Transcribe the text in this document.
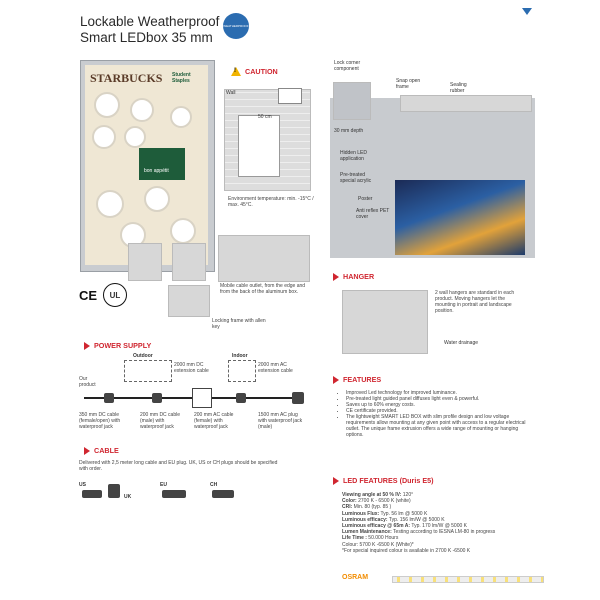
Lockable Weatherproof
Smart LEDbox 35 mm
WEATHERPROOF
STARBUCKS Student
Staples
bon appétit
! CAUTION
Wall
50 cm
Environment temperature: min. -15°C / max. 45°C.
Mobile cable outlet, from the edge and from the back of the aluminum box.
Locking frame with allen key
CE UL
POWER SUPPLY
Outdoor	Indoor
2000 mm DC extension cable
2000 mm AC extension cable
Our product
350 mm DC cable (female/open) with waterproof jack
200 mm DC cable (male) with waterproof jack
200 mm AC cable (female) with waterproof jack
1500 mm AC plug with waterproof jack (male)
CABLE
Delivered with 2,5 meter long cable and EU plug. UK, US or CH plugs should be specified with order.
US
UK
EU	CH
Lock corner component
Snap open frame	Sealing rubber
30 mm depth
Hidden LED application
Pre-treated special acrylic
Poster
Anti reflex PET cover
HANGER
2 wall hangers are standard in each product. Moving hangers let the mounting in portrait and landscape position.
Water drainage
FEATURES
• Improved Led technology for improved luminance.
• Pre-treated light guided panel diffuses light even & powerful.
• Saves up to 60% energy costs.
• CE certificate provided.
• The lightweight SMART LED BOX with slim profile design and low voltage requirements allow mounting at any given point with access to a regular electrical outlet. The unique frame extrusion offers a wide range of mounting or hanging options.
LED FEATURES (Duris E5)
Viewing angle at 50 % IV: 120°
Color: 2700 K - 6500 K (white)
CRI: Min. 80 (typ. 85 )
Luminous Flux: Typ. 56 lm @ 5000 K
Luminous efficacy: Typ. 156 lm/W @ 5000 K
Luminous efficacy @ 65m A: Typ. 170 lm/W @ 5000 K
Lumen Maintenance: Testing according to IESNA LM-80 in progress
Life Time : 50.000 Hours
Colour: 5700 K -6500 K (White)*
*For special inquired colour is available in 2700 K -6500 K
OSRAM
